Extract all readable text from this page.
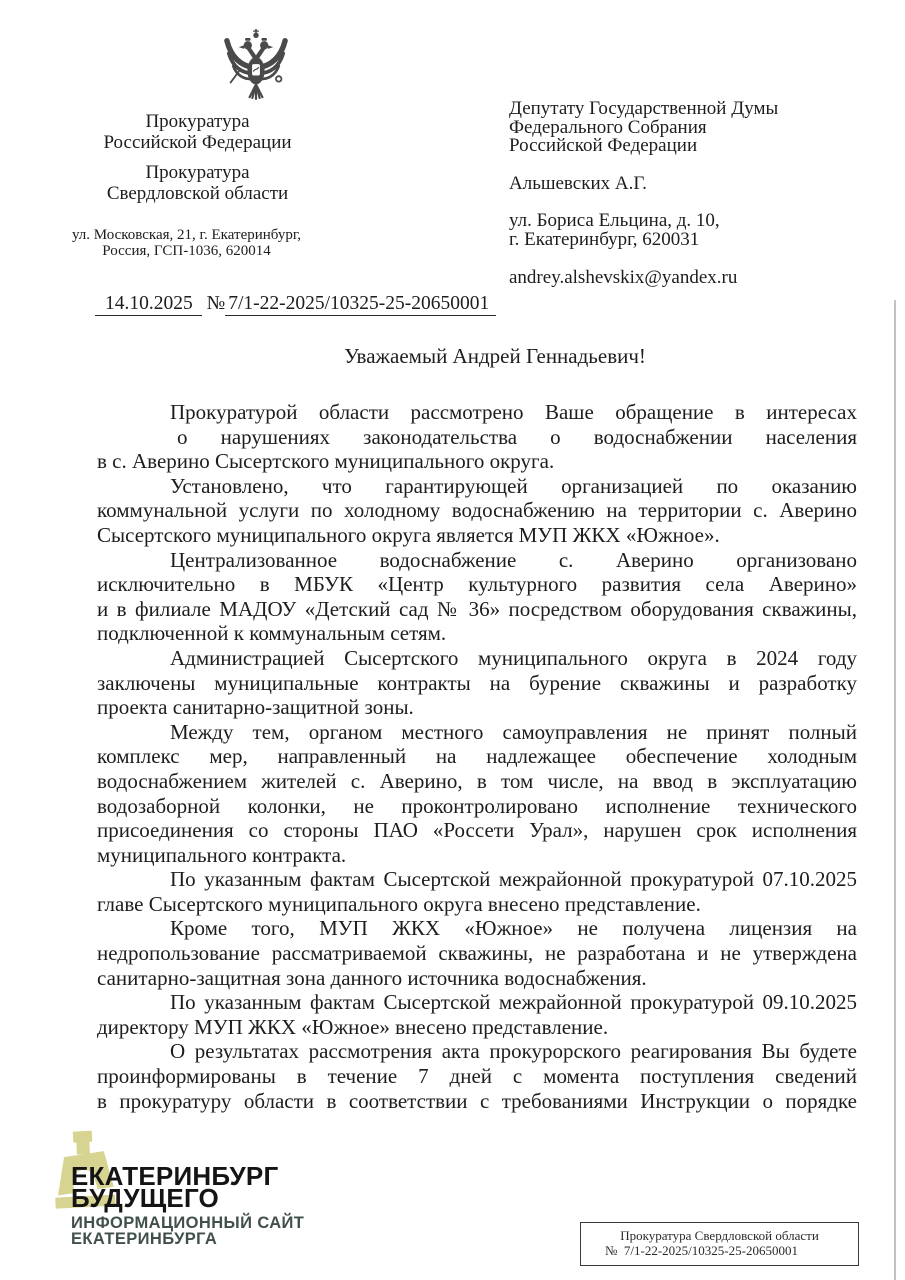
Прокуратура
Российской Федерации
Прокуратура
Свердловской области
ул. Московская, 21, г. Екатеринбург,
Россия, ГСП-1036, 620014
Депутату Государственной Думы
Федерального Собрания
Российской Федерации
Альшевских А.Г.
ул. Бориса Ельцина, д. 10,
г. Екатеринбург, 620031
andrey.alshevskix@yandex.ru
14.10.2025 № 7/1-22-2025/10325-25-20650001
Уважаемый Андрей Геннадьевич!
Прокуратурой области рассмотрено Ваше обращение в интересах
о нарушениях законодательства о водоснабжении населения
в с. Аверино Сысертского муниципального округа.
Установлено, что гарантирующей организацией по оказанию
коммунальной услуги по холодному водоснабжению на территории с. Аверино
Сысертского муниципального округа является МУП ЖКХ «Южное».
Централизованное водоснабжение с. Аверино организовано
исключительно в МБУК «Центр культурного развития села Аверино»
и в филиале МАДОУ «Детский сад № 36» посредством оборудования скважины,
подключенной к коммунальным сетям.
Администрацией Сысертского муниципального округа в 2024 году
заключены муниципальные контракты на бурение скважины и разработку
проекта санитарно-защитной зоны.
Между тем, органом местного самоуправления не принят полный
комплекс мер, направленный на надлежащее обеспечение холодным
водоснабжением жителей с. Аверино, в том числе, на ввод в эксплуатацию
водозаборной колонки, не проконтролировано исполнение технического
присоединения со стороны ПАО «Россети Урал», нарушен срок исполнения
муниципального контракта.
По указанным фактам Сысертской межрайонной прокуратурой 07.10.2025
главе Сысертского муниципального округа внесено представление.
Кроме того, МУП ЖКХ «Южное» не получена лицензия на
недропользование рассматриваемой скважины, не разработана и не утверждена
санитарно-защитная зона данного источника водоснабжения.
По указанным фактам Сысертской межрайонной прокуратурой 09.10.2025
директору МУП ЖКХ «Южное» внесено представление.
О результатах рассмотрения акта прокурорского реагирования Вы будете
проинформированы в течение 7 дней с момента поступления сведений
в прокуратуру области в соответствии с требованиями Инструкции о порядке
ЕКАТЕРИНБУРГ
БУДУЩЕГО
ИНФОРМАЦИОННЫЙ САЙТ
ЕКАТЕРИНБУРГА	Прокуратура Свердловской области
№ 7/1-22-2025/10325-25-20650001
